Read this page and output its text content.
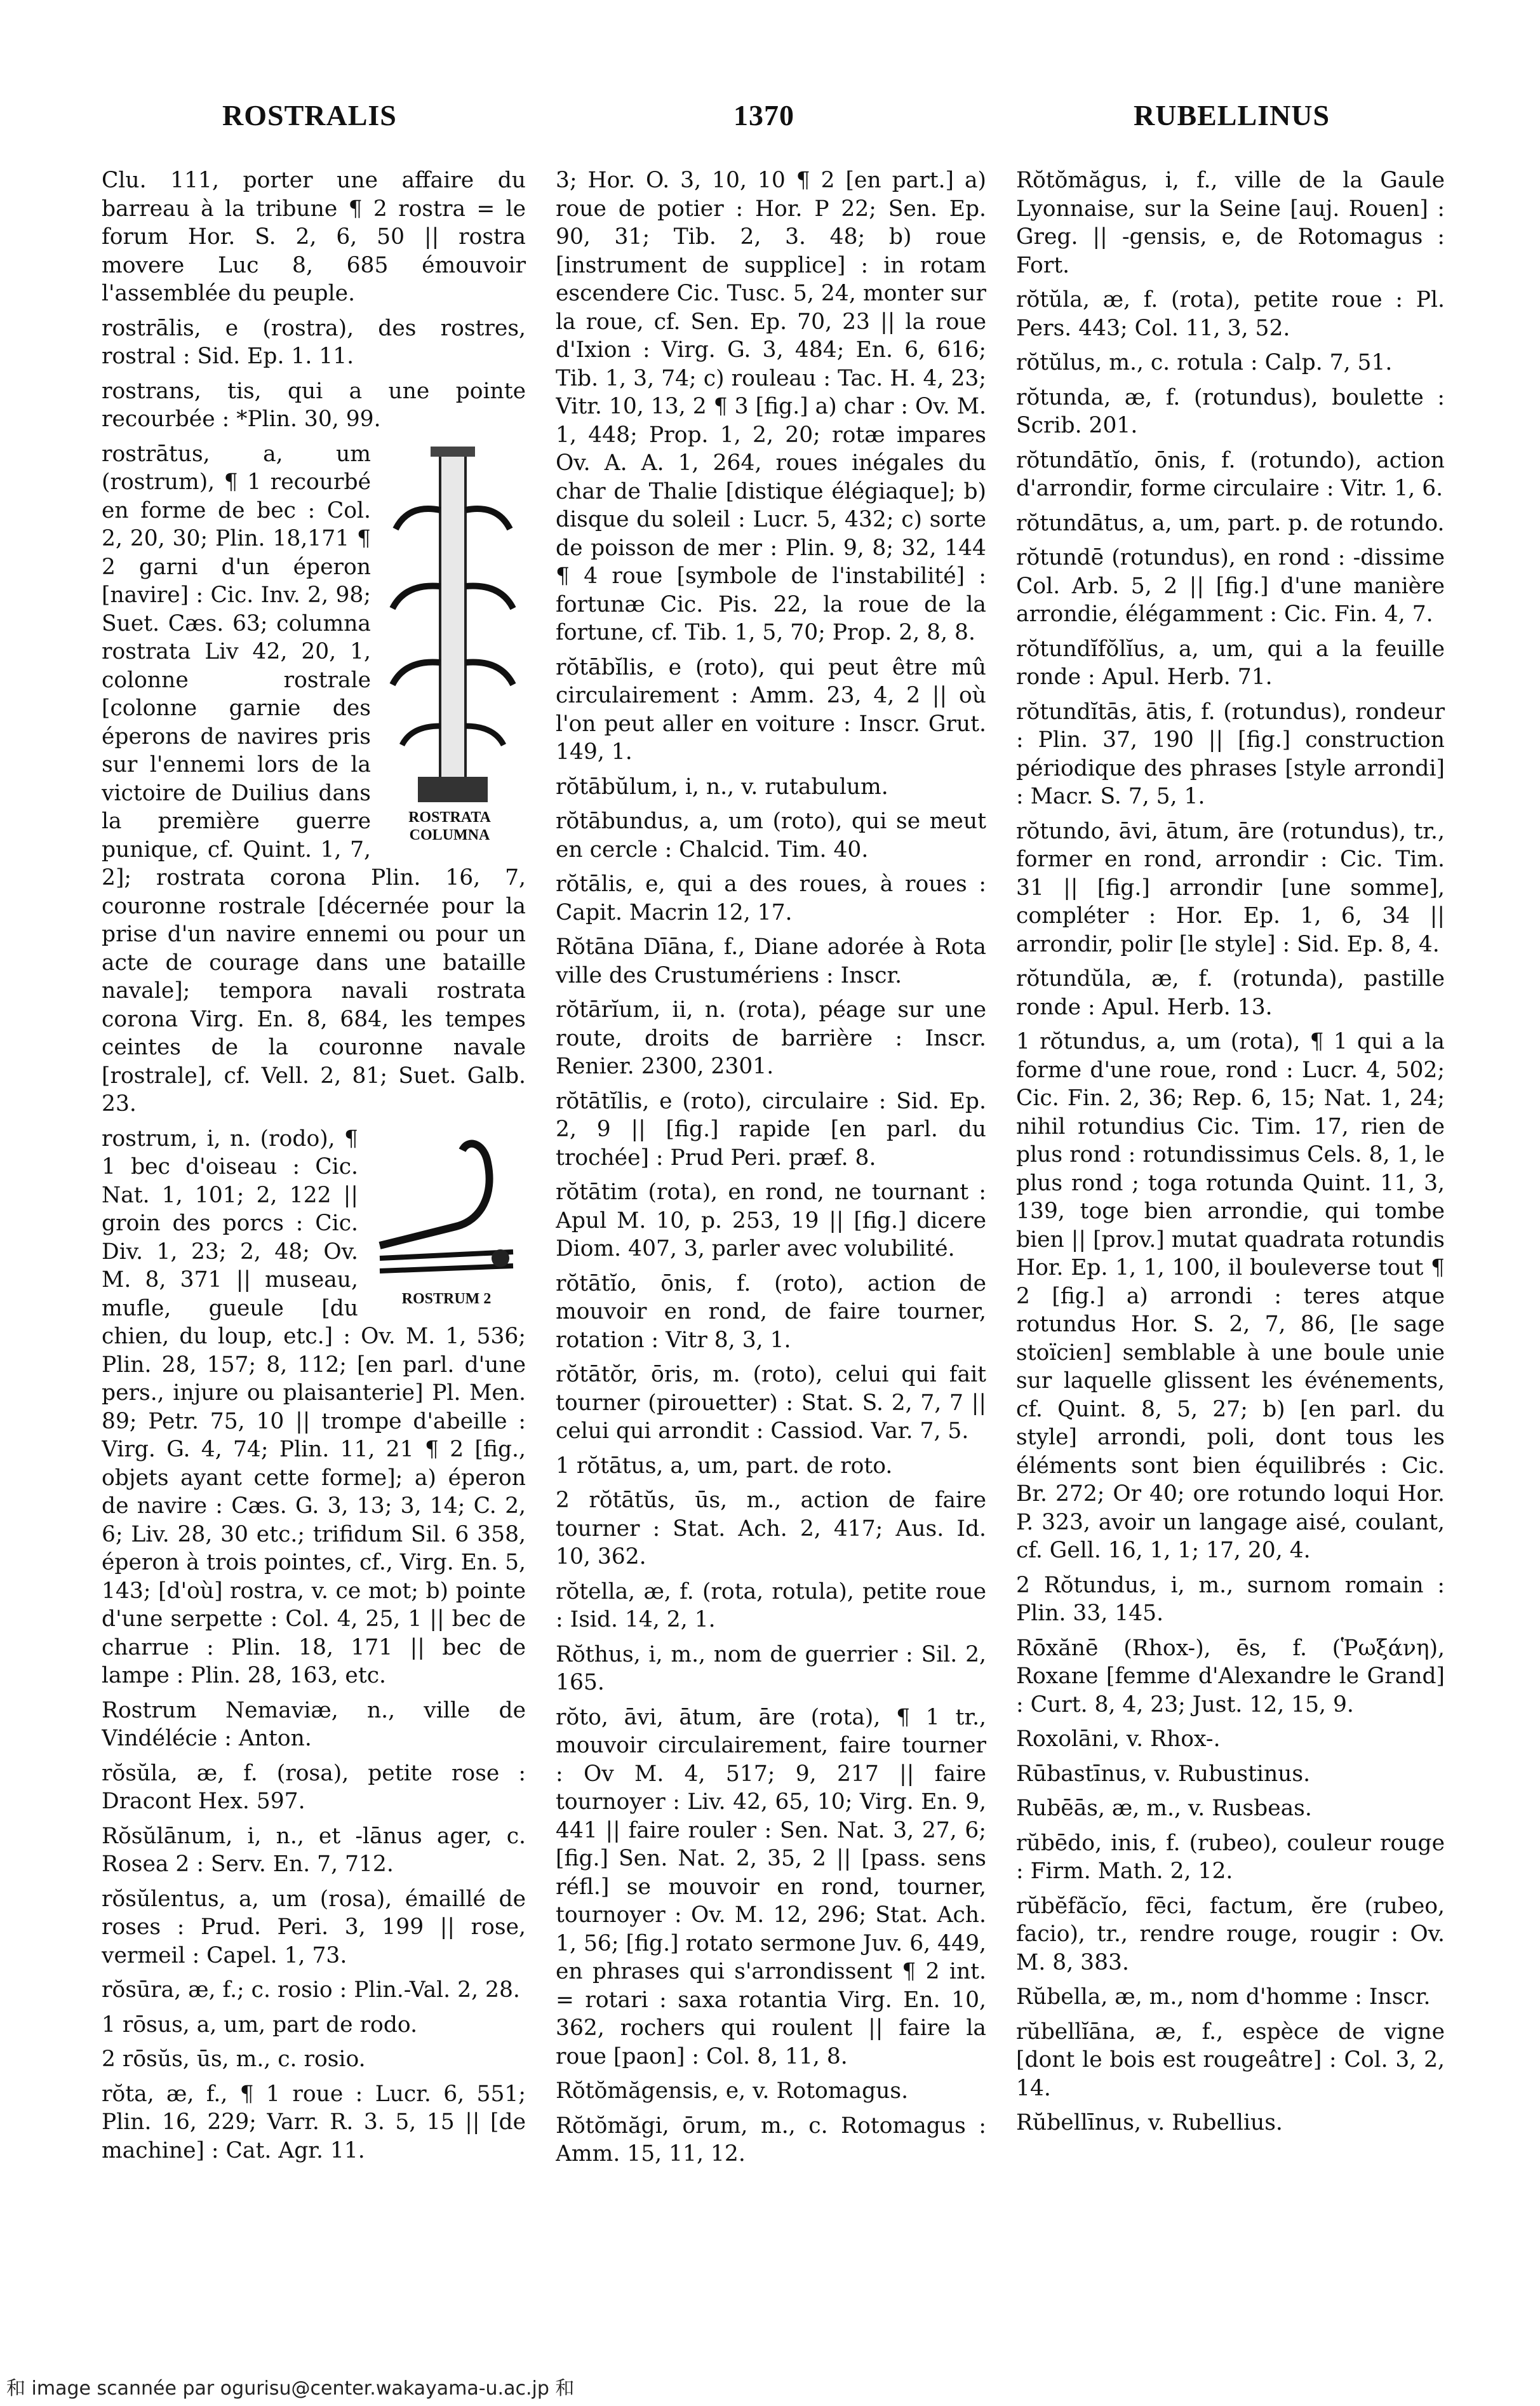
ROSTRALIS	1370	RUBELLINUS

Clu. 111, porter une affaire du barreau à la tribune ¶ 2 rostra = le forum Hor. S. 2, 6, 50 || rostra movere Luc 8, 685 émouvoir l'assemblée du peuple.

rostrālis, e (rostra), des rostres, rostral : Sid. Ep. 1. 11.

rostrans, tis, qui a une pointe recourbée : *Plin. 30, 99.

ROSTRATA COLUMNA

rostrātus, a, um (rostrum), ¶ 1 recourbé en forme de bec : Col. 2, 20, 30; Plin. 18,171 ¶ 2 garni d'un éperon [navire] : Cic. Inv. 2, 98; Suet. Cæs. 63; columna rostrata Liv 42, 20, 1, colonne rostrale [colonne garnie des éperons de navires pris sur l'ennemi lors de la victoire de Duilius dans la première guerre punique, cf. Quint. 1, 7, 2]; rostrata corona Plin. 16, 7, couronne rostrale [décernée pour la prise d'un navire ennemi ou pour un acte de courage dans une bataille navale]; tempora navali rostrata corona Virg. En. 8, 684, les tempes ceintes de la couronne navale [rostrale], cf. Vell. 2, 81; Suet. Galb. 23.

ROSTRUM 2

rostrum, i, n. (rodo), ¶ 1 bec d'oiseau : Cic. Nat. 1, 101; 2, 122 || groin des porcs : Cic. Div. 1, 23; 2, 48; Ov. M. 8, 371 || museau, mufle, gueule [du chien, du loup, etc.] : Ov. M. 1, 536; Plin. 28, 157; 8, 112; [en parl. d'une pers., injure ou plaisanterie] Pl. Men. 89; Petr. 75, 10 || trompe d'abeille : Virg. G. 4, 74; Plin. 11, 21 ¶ 2 [fig., objets ayant cette forme]; a) éperon de navire : Cæs. G. 3, 13; 3, 14; C. 2, 6; Liv. 28, 30 etc.; trifidum Sil. 6 358, éperon à trois pointes, cf., Virg. En. 5, 143; [d'où] rostra, v. ce mot; b) pointe d'une serpette : Col. 4, 25, 1 || bec de charrue : Plin. 18, 171 || bec de lampe : Plin. 28, 163, etc.

Rostrum Nemaviæ, n., ville de Vindélécie : Anton.

rŏsŭla, æ, f. (rosa), petite rose : Dracont Hex. 597.

Rŏsŭlānum, i, n., et -lānus ager, c. Rosea 2 : Serv. En. 7, 712.

rŏsŭlentus, a, um (rosa), émaillé de roses : Prud. Peri. 3, 199 || rose, vermeil : Capel. 1, 73.

rŏsūra, æ, f.; c. rosio : Plin.-Val. 2, 28.

1 rōsus, a, um, part de rodo.

2 rōsŭs, ūs, m., c. rosio.

rŏta, æ, f., ¶ 1 roue : Lucr. 6, 551; Plin. 16, 229; Varr. R. 3. 5, 15 || [de machine] : Cat. Agr. 11.

3; Hor. O. 3, 10, 10 ¶ 2 [en part.] a) roue de potier : Hor. P 22; Sen. Ep. 90, 31; Tib. 2, 3. 48; b) roue [instrument de supplice] : in rotam escendere Cic. Tusc. 5, 24, monter sur la roue, cf. Sen. Ep. 70, 23 || la roue d'Ixion : Virg. G. 3, 484; En. 6, 616; Tib. 1, 3, 74; c) rouleau : Tac. H. 4, 23; Vitr. 10, 13, 2 ¶ 3 [fig.] a) char : Ov. M. 1, 448; Prop. 1, 2, 20; rotæ impares Ov. A. A. 1, 264, roues inégales du char de Thalie [distique élégiaque]; b) disque du soleil : Lucr. 5, 432; c) sorte de poisson de mer : Plin. 9, 8; 32, 144 ¶ 4 roue [symbole de l'instabilité] : fortunæ Cic. Pis. 22, la roue de la fortune, cf. Tib. 1, 5, 70; Prop. 2, 8, 8.

rŏtābĭlis, e (roto), qui peut être mû circulairement : Amm. 23, 4, 2 || où l'on peut aller en voiture : Inscr. Grut. 149, 1.

rŏtābŭlum, i, n., v. rutabulum.

rŏtābundus, a, um (roto), qui se meut en cercle : Chalcid. Tim. 40.

rŏtālis, e, qui a des roues, à roues : Capit. Macrin 12, 17.

Rŏtāna Dīāna, f., Diane adorée à Rota ville des Crustumériens : Inscr.

rŏtārĭum, ii, n. (rota), péage sur une route, droits de barrière : Inscr. Renier. 2300, 2301.

rŏtātĭlis, e (roto), circulaire : Sid. Ep. 2, 9 || [fig.] rapide [en parl. du trochée] : Prud Peri. præf. 8.

rŏtātim (rota), en rond, ne tournant : Apul M. 10, p. 253, 19 || [fig.] dicere Diom. 407, 3, parler avec volubilité.

rŏtātĭo, ōnis, f. (roto), action de mouvoir en rond, de faire tourner, rotation : Vitr 8, 3, 1.

rŏtātŏr, ōris, m. (roto), celui qui fait tourner (pirouetter) : Stat. S. 2, 7, 7 || celui qui arrondit : Cassiod. Var. 7, 5.

1 rŏtātus, a, um, part. de roto.

2 rŏtātŭs, ūs, m., action de faire tourner : Stat. Ach. 2, 417; Aus. Id. 10, 362.

rŏtella, æ, f. (rota, rotula), petite roue : Isid. 14, 2, 1.

Rŏthus, i, m., nom de guerrier : Sil. 2, 165.

rŏto, āvi, ātum, āre (rota), ¶ 1 tr., mouvoir circulairement, faire tourner : Ov M. 4, 517; 9, 217 || faire tournoyer : Liv. 42, 65, 10; Virg. En. 9, 441 || faire rouler : Sen. Nat. 3, 27, 6; [fig.] Sen. Nat. 2, 35, 2 || [pass. sens réfl.] se mouvoir en rond, tourner, tournoyer : Ov. M. 12, 296; Stat. Ach. 1, 56; [fig.] rotato sermone Juv. 6, 449, en phrases qui s'arrondissent ¶ 2 int. = rotari : saxa rotantia Virg. En. 10, 362, rochers qui roulent || faire la roue [paon] : Col. 8, 11, 8.

Rŏtŏmăgensis, e, v. Rotomagus.

Rŏtŏmăgi, ōrum, m., c. Rotomagus : Amm. 15, 11, 12.

Rŏtŏmăgus, i, f., ville de la Gaule Lyonnaise, sur la Seine [auj. Rouen] : Greg. || -gensis, e, de Rotomagus : Fort.

rŏtŭla, æ, f. (rota), petite roue : Pl. Pers. 443; Col. 11, 3, 52.

rŏtŭlus, m., c. rotula : Calp. 7, 51.

rŏtunda, æ, f. (rotundus), boulette : Scrib. 201.

rŏtundātĭo, ōnis, f. (rotundo), action d'arrondir, forme circulaire : Vitr. 1, 6.

rŏtundātus, a, um, part. p. de rotundo.

rŏtundē (rotundus), en rond : -dissime Col. Arb. 5, 2 || [fig.] d'une manière arrondie, élégamment : Cic. Fin. 4, 7.

rŏtundĭfŏlĭus, a, um, qui a la feuille ronde : Apul. Herb. 71.

rŏtundĭtās, ātis, f. (rotundus), rondeur : Plin. 37, 190 || [fig.] construction périodique des phrases [style arrondi] : Macr. S. 7, 5, 1.

rŏtundo, āvi, ātum, āre (rotundus), tr., former en rond, arrondir : Cic. Tim. 31 || [fig.] arrondir [une somme], compléter : Hor. Ep. 1, 6, 34 || arrondir, polir [le style] : Sid. Ep. 8, 4.

rŏtundŭla, æ, f. (rotunda), pastille ronde : Apul. Herb. 13.

1 rŏtundus, a, um (rota), ¶ 1 qui a la forme d'une roue, rond : Lucr. 4, 502; Cic. Fin. 2, 36; Rep. 6, 15; Nat. 1, 24; nihil rotundius Cic. Tim. 17, rien de plus rond : rotundissimus Cels. 8, 1, le plus rond ; toga rotunda Quint. 11, 3, 139, toge bien arrondie, qui tombe bien || [prov.] mutat quadrata rotundis Hor. Ep. 1, 1, 100, il bouleverse tout ¶ 2 [fig.] a) arrondi : teres atque rotundus Hor. S. 2, 7, 86, [le sage stoïcien] semblable à une boule unie sur laquelle glissent les événements, cf. Quint. 8, 5, 27; b) [en parl. du style] arrondi, poli, dont tous les éléments sont bien équilibrés : Cic. Br. 272; Or 40; ore rotundo loqui Hor. P. 323, avoir un langage aisé, coulant, cf. Gell. 16, 1, 1; 17, 20, 4.

2 Rŏtundus, i, m., surnom romain : Plin. 33, 145.

Rōxănē (Rhox-), ēs, f. (Ῥωξάνη), Roxane [femme d'Alexandre le Grand] : Curt. 8, 4, 23; Just. 12, 15, 9.

Roxolāni, v. Rhox-.

Rūbastīnus, v. Rubustinus.

Rubēās, æ, m., v. Rusbeas.

rŭbēdo, inis, f. (rubeo), couleur rouge : Firm. Math. 2, 12.

rŭbĕfăcĭo, fēci, factum, ĕre (rubeo, facio), tr., rendre rouge, rougir : Ov. M. 8, 383.

Rŭbella, æ, m., nom d'homme : Inscr.

rŭbellĭāna, æ, f., espèce de vigne [dont le bois est rougeâtre] : Col. 3, 2, 14.

Rŭbellīnus, v. Rubellius.

和 image scannée par ogurisu@center.wakayama-u.ac.jp 和
